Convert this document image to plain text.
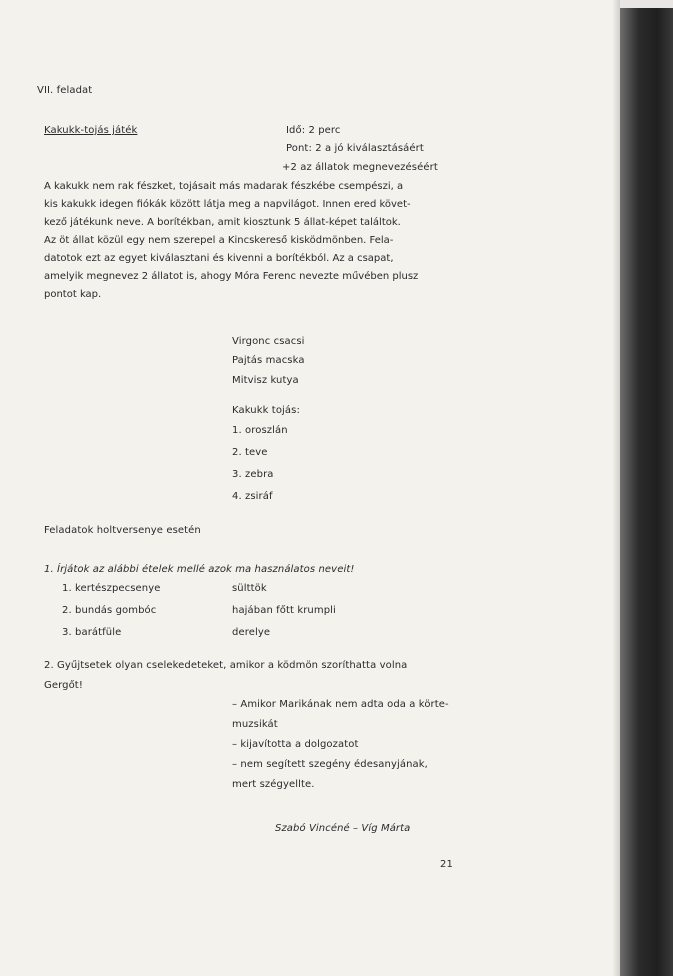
VII. feladat
Kakukk-tojás játék	Idő: 2 perc
Pont: 2 a jó kiválasztásáért
+2 az állatok megnevezéséért
A kakukk nem rak fészket, tojásait más madarak fészkébe csempészi, a
kis kakukk idegen fiókák között látja meg a napvilágot. Innen ered követ-
kező játékunk neve. A borítékban, amit kiosztunk 5 állat-képet találtok.
Az öt állat közül egy nem szerepel a Kincskereső kisködmönben. Fela-
datotok ezt az egyet kiválasztani és kivenni a borítékból. Az a csapat,
amelyik megnevez 2 állatot is, ahogy Móra Ferenc nevezte művében plusz
pontot kap.
Virgonc csacsi
Pajtás macska
Mitvisz kutya
Kakukk tojás:
1. oroszlán
2. teve
3. zebra
4. zsiráf
Feladatok holtversenye esetén
1. Írjátok az alábbi ételek mellé azok ma használatos neveit!
1. kertészpecsenye	sülttök
2. bundás gombóc	hajában főtt krumpli
3. barátfüle	derelye
2. Gyűjtsetek olyan cselekedeteket, amikor a ködmön szoríthatta volna
Gergőt!
– Amikor Marikának nem adta oda a körte-
muzsikát
– kijavította a dolgozatot
– nem segített szegény édesanyjának,
mert szégyellte.
Szabó Vincéné – Víg Márta
21
